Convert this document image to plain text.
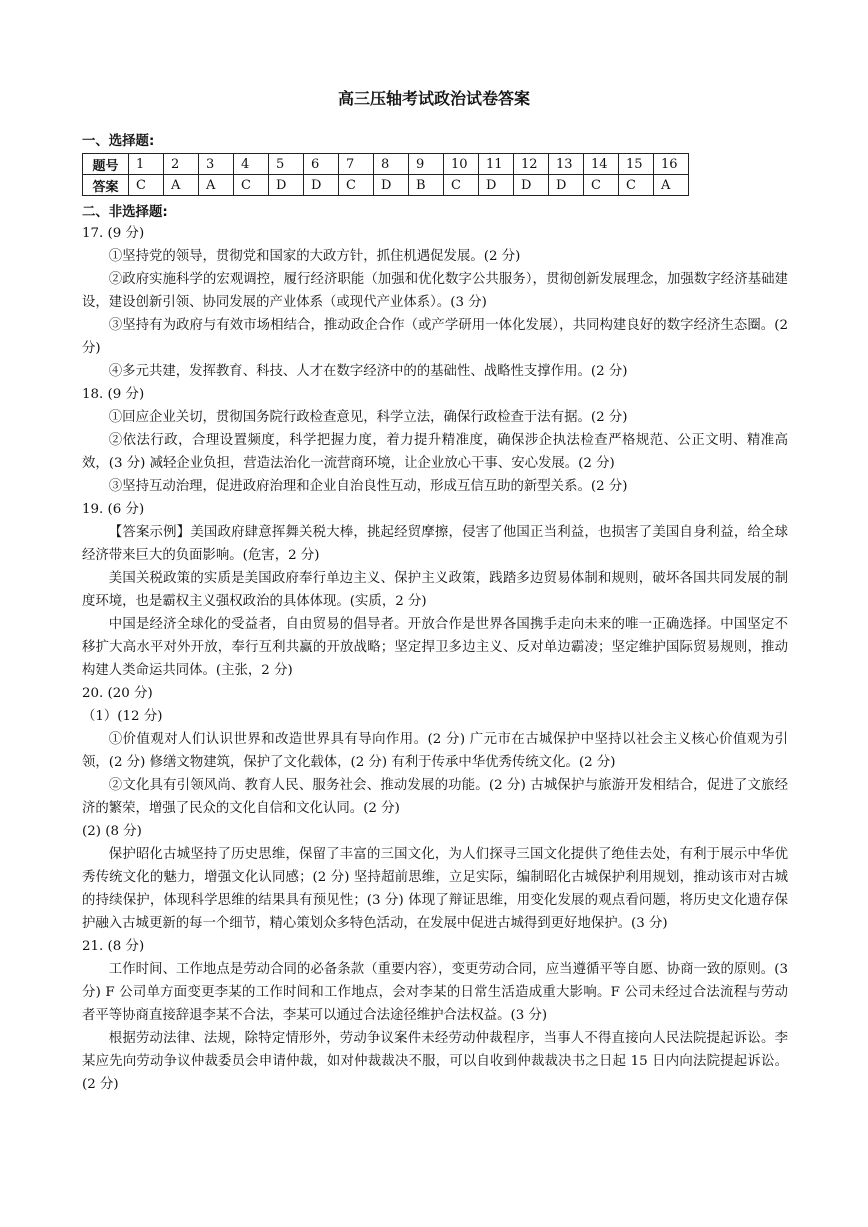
高三压轴考试政治试卷答案
一、选择题:
题号	1	2	3	4	5	6	7	8	9	10	11	12	13	14	15	16
答案	C	A	A	C	D	D	C	D	B	C	D	D	D	C	C	A
二、非选择题:
17. (9 分)
①坚持党的领导，贯彻党和国家的大政方针，抓住机遇促发展。(2 分)
②政府实施科学的宏观调控，履行经济职能（加强和优化数字公共服务），贯彻创新发展理念，加强数字经济基础建设，建设创新引领、协同发展的产业体系（或现代产业体系）。(3 分)
③坚持有为政府与有效市场相结合，推动政企合作（或产学研用一体化发展），共同构建良好的数字经济生态圈。(2 分)
④多元共建，发挥教育、科技、人才在数字经济中的的基础性、战略性支撑作用。(2 分)
18. (9 分)
①回应企业关切，贯彻国务院行政检查意见，科学立法，确保行政检查于法有据。(2 分)
②依法行政，合理设置频度，科学把握力度，着力提升精准度，确保涉企执法检查严格规范、公正文明、精准高效，(3 分) 减轻企业负担，营造法治化一流营商环境，让企业放心干事、安心发展。(2 分)
③坚持互动治理，促进政府治理和企业自治良性互动，形成互信互助的新型关系。(2 分)
19. (6 分)
【答案示例】美国政府肆意挥舞关税大棒，挑起经贸摩擦，侵害了他国正当利益，也损害了美国自身利益，给全球经济带来巨大的负面影响。(危害，2 分)
美国关税政策的实质是美国政府奉行单边主义、保护主义政策，践踏多边贸易体制和规则，破坏各国共同发展的制度环境，也是霸权主义强权政治的具体体现。(实质，2 分)
中国是经济全球化的受益者，自由贸易的倡导者。开放合作是世界各国携手走向未来的唯一正确选择。中国坚定不移扩大高水平对外开放，奉行互利共赢的开放战略；坚定捍卫多边主义、反对单边霸凌；坚定维护国际贸易规则，推动构建人类命运共同体。(主张，2 分)
20. (20 分)
（1）(12 分)
①价值观对人们认识世界和改造世界具有导向作用。(2 分) 广元市在古城保护中坚持以社会主义核心价值观为引领，(2 分) 修缮文物建筑，保护了文化载体，(2 分) 有利于传承中华优秀传统文化。(2 分)
②文化具有引领风尚、教育人民、服务社会、推动发展的功能。(2 分) 古城保护与旅游开发相结合，促进了文旅经济的繁荣，增强了民众的文化自信和文化认同。(2 分)
(2) (8 分)
保护昭化古城坚持了历史思维，保留了丰富的三国文化，为人们探寻三国文化提供了绝佳去处，有利于展示中华优秀传统文化的魅力，增强文化认同感；(2 分) 坚持超前思维，立足实际，编制昭化古城保护利用规划，推动该市对古城的持续保护，体现科学思维的结果具有预见性；(3 分) 体现了辩证思维，用变化发展的观点看问题，将历史文化遗存保护融入古城更新的每一个细节，精心策划众多特色活动，在发展中促进古城得到更好地保护。(3 分)
21. (8 分)
工作时间、工作地点是劳动合同的必备条款（重要内容），变更劳动合同，应当遵循平等自愿、协商一致的原则。(3 分) F 公司单方面变更李某的工作时间和工作地点，会对李某的日常生活造成重大影响。F 公司未经过合法流程与劳动者平等协商直接辞退李某不合法，李某可以通过合法途径维护合法权益。(3 分)
根据劳动法律、法规，除特定情形外，劳动争议案件未经劳动仲裁程序，当事人不得直接向人民法院提起诉讼。李某应先向劳动争议仲裁委员会申请仲裁，如对仲裁裁决不服，可以自收到仲裁裁决书之日起 15 日内向法院提起诉讼。(2 分)
